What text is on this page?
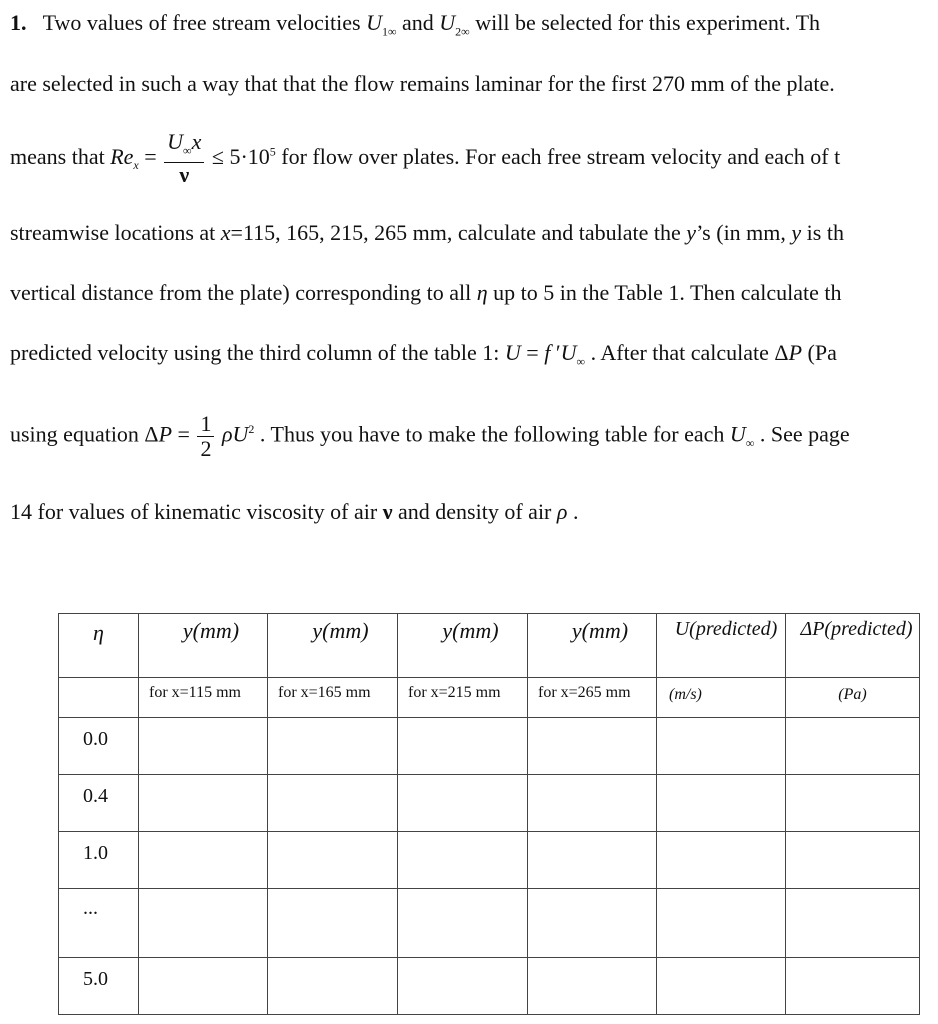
1.   Two values of free stream velocities $U_{1\infty}$ and $U_{2\infty}$ will be selected for this experiment. Th
are selected in such a way that that the flow remains laminar for the first 270 mm of the plate.
means that $Re_x = \frac{U_\infty x}{\nu} \le 5\cdot 10^5$ for flow over plates. For each free stream velocity and each of t
streamwise locations at x=115, 165, 215, 265 mm, calculate and tabulate the y’s (in mm, y is th
vertical distance from the plate) corresponding to all η up to 5 in the Table 1. Then calculate th
predicted velocity using the third column of the table 1: U = f $'U_\infty$ . After that calculate ΔP (Pa
using equation $\Delta P = \frac{1}{2} \rho U^2$ . Thus you have to make the following table for each $U_\infty$ . See page
14 for values of kinematic viscosity of air ν and density of air ρ .
η	y(mm)	y(mm)	y(mm)	y(mm)	U(predicted)	ΔP(predicted)

	for x=115 mm	for x=165 mm	for x=215 mm	for x=265 mm	(m/s)	(Pa)

0.0						

0.4						

1.0						

...						

5.0						
